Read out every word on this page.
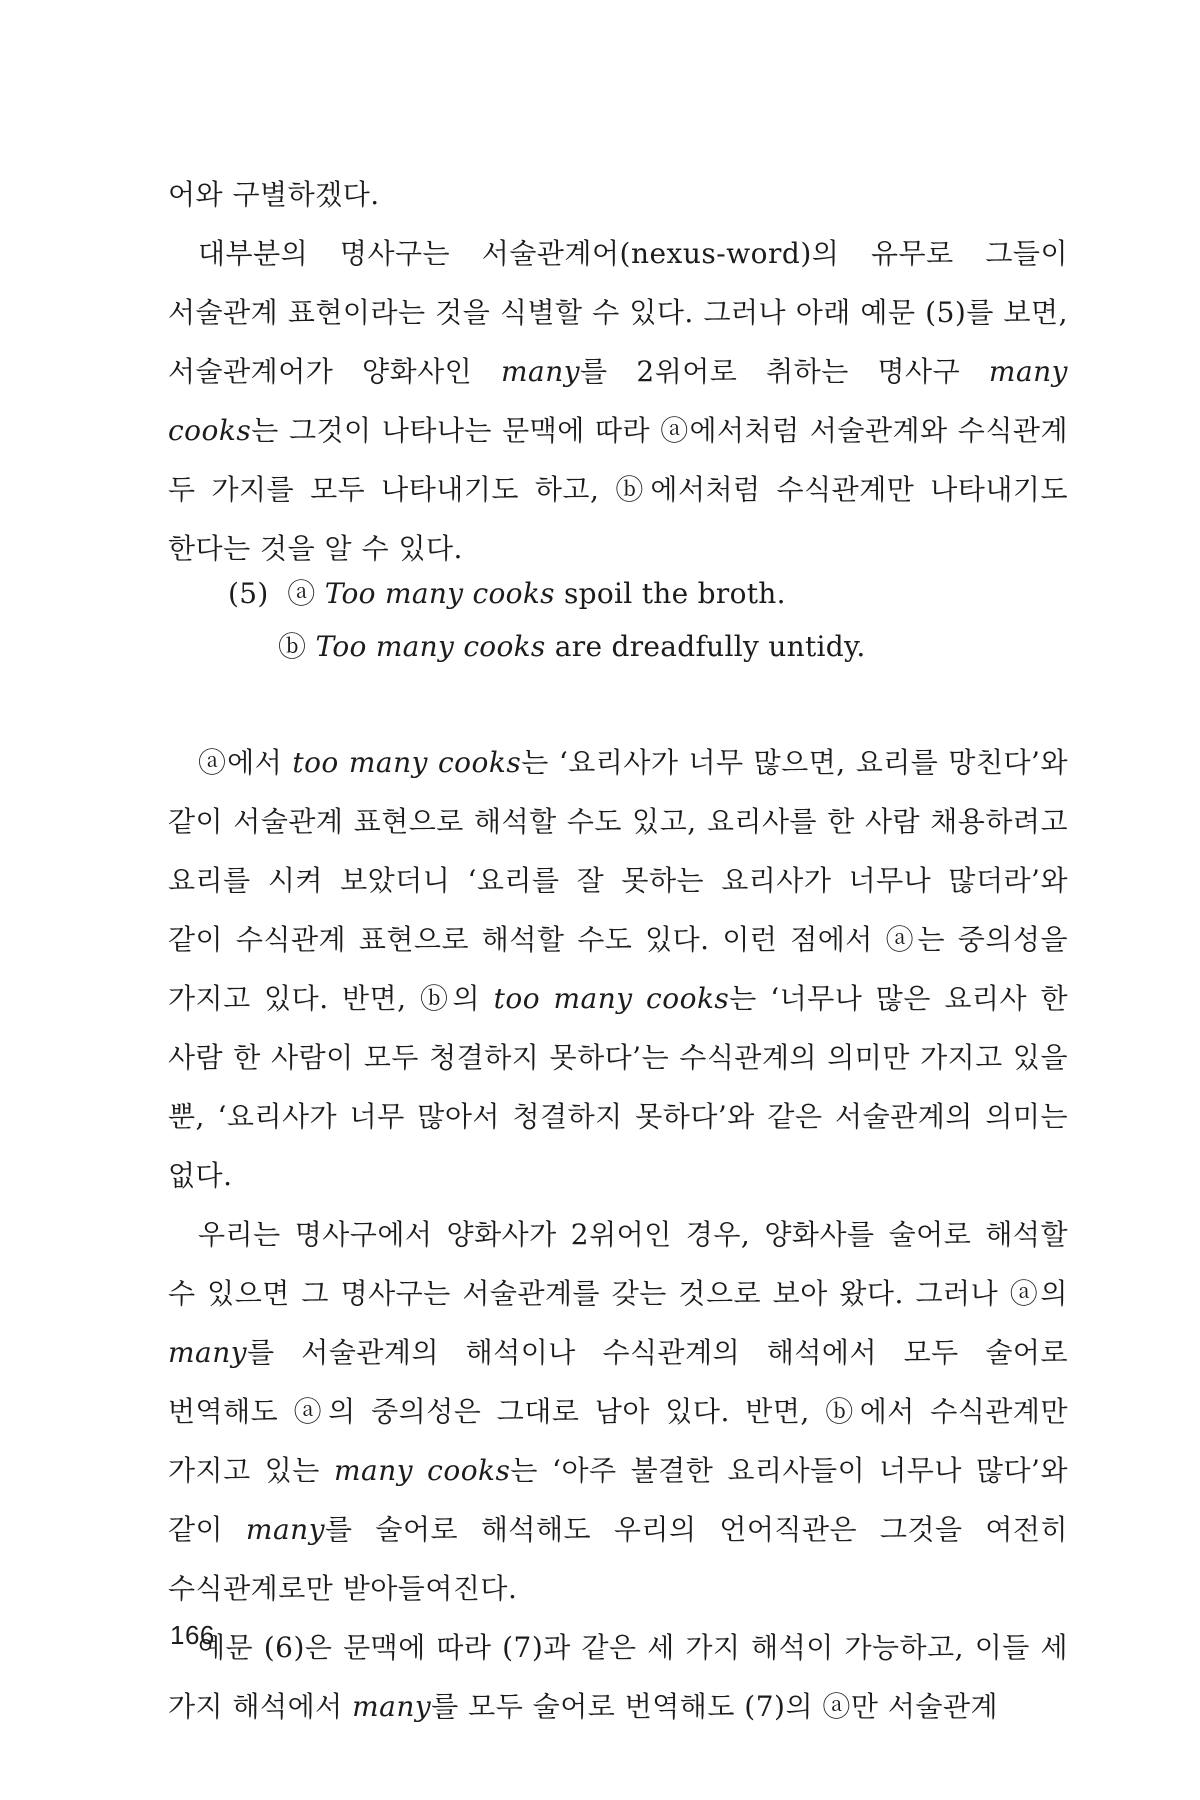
어와 구별하겠다.

대부분의 명사구는 서술관계어(nexus-word)의 유무로 그들이 서술관계 표현이라는 것을 식별할 수 있다. 그러나 아래 예문 (5)를 보면, 서술관계어가 양화사인 many를 2위어로 취하는 명사구 many cooks는 그것이 나타나는 문맥에 따라 ⓐ에서처럼 서술관계와 수식관계 두 가지를 모두 나타내기도 하고, ⓑ에서처럼 수식관계만 나타내기도 한다는 것을 알 수 있다.

(5) ⓐ Too many cooks spoil the broth.
ⓑ Too many cooks are dreadfully untidy.

ⓐ에서 too many cooks는 ‘요리사가 너무 많으면, 요리를 망친다’와 같이 서술관계 표현으로 해석할 수도 있고, 요리사를 한 사람 채용하려고 요리를 시켜 보았더니 ‘요리를 잘 못하는 요리사가 너무나 많더라’와 같이 수식관계 표현으로 해석할 수도 있다. 이런 점에서 ⓐ는 중의성을 가지고 있다. 반면, ⓑ의 too many cooks는 ‘너무나 많은 요리사 한 사람 한 사람이 모두 청결하지 못하다’는 수식관계의 의미만 가지고 있을 뿐, ‘요리사가 너무 많아서 청결하지 못하다’와 같은 서술관계의 의미는 없다.

우리는 명사구에서 양화사가 2위어인 경우, 양화사를 술어로 해석할 수 있으면 그 명사구는 서술관계를 갖는 것으로 보아 왔다. 그러나 ⓐ의 many를 서술관계의 해석이나 수식관계의 해석에서 모두 술어로 번역해도 ⓐ의 중의성은 그대로 남아 있다. 반면, ⓑ에서 수식관계만 가지고 있는 many cooks는 ‘아주 불결한 요리사들이 너무나 많다’와 같이 many를 술어로 해석해도 우리의 언어직관은 그것을 여전히 수식관계로만 받아들여진다.

예문 (6)은 문맥에 따라 (7)과 같은 세 가지 해석이 가능하고, 이들 세 가지 해석에서 many를 모두 술어로 번역해도 (7)의 ⓐ만 서술관계

166
